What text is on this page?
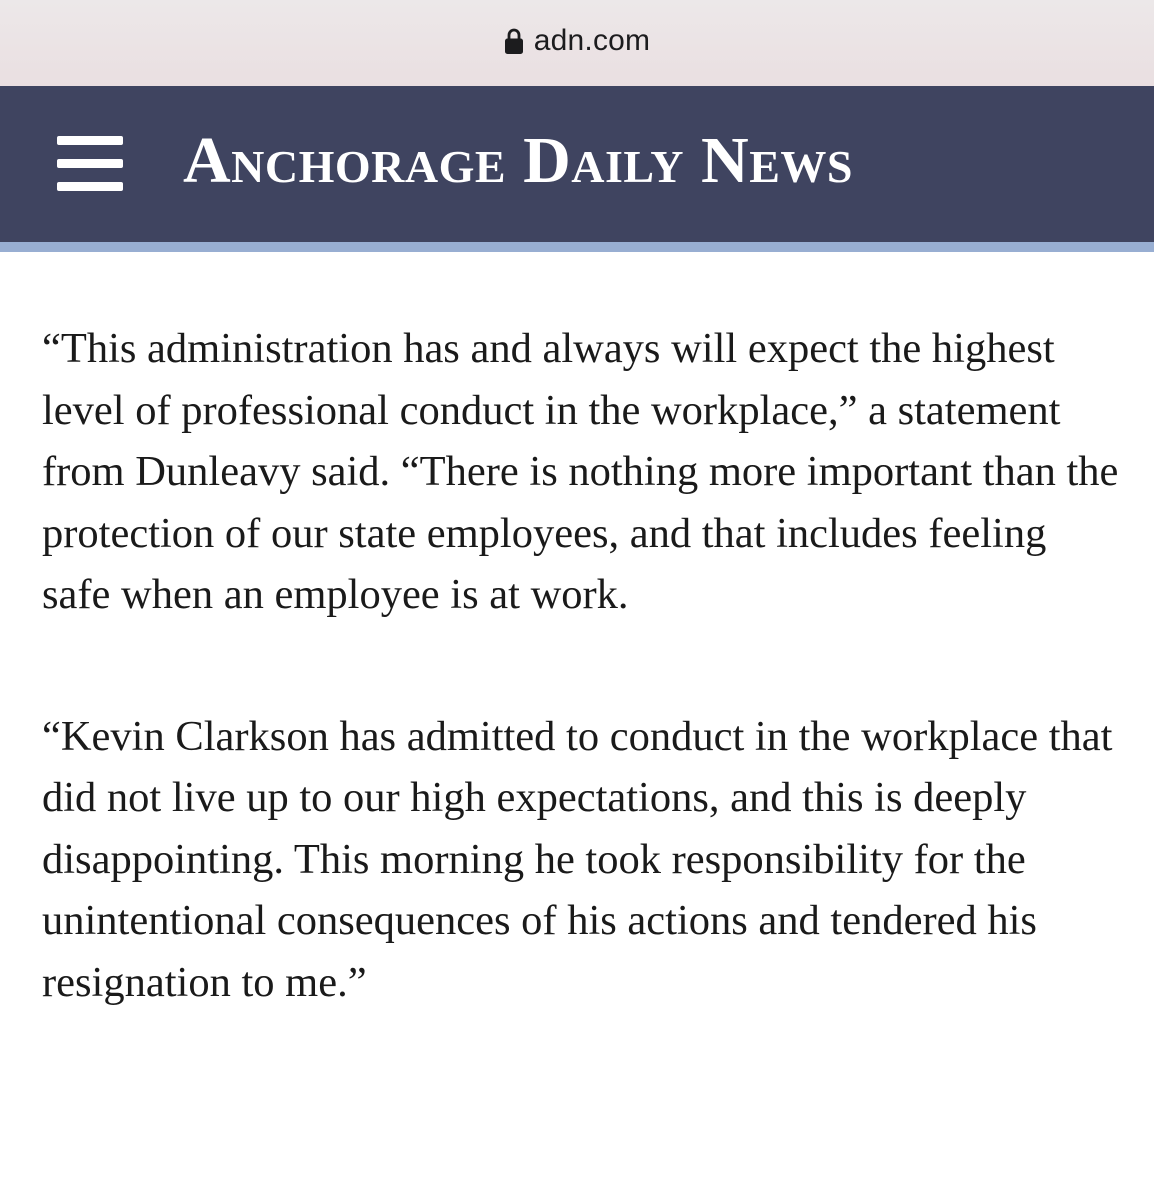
adn.com
Anchorage Daily News

“This administration has and always will expect the highest level of professional conduct in the workplace,” a statement from Dunleavy said. “There is nothing more important than the protection of our state employees, and that includes feeling safe when an employee is at work.

“Kevin Clarkson has admitted to conduct in the workplace that did not live up to our high expectations, and this is deeply disappointing. This morning he took responsibility for the unintentional consequences of his actions and tendered his resignation to me.”
